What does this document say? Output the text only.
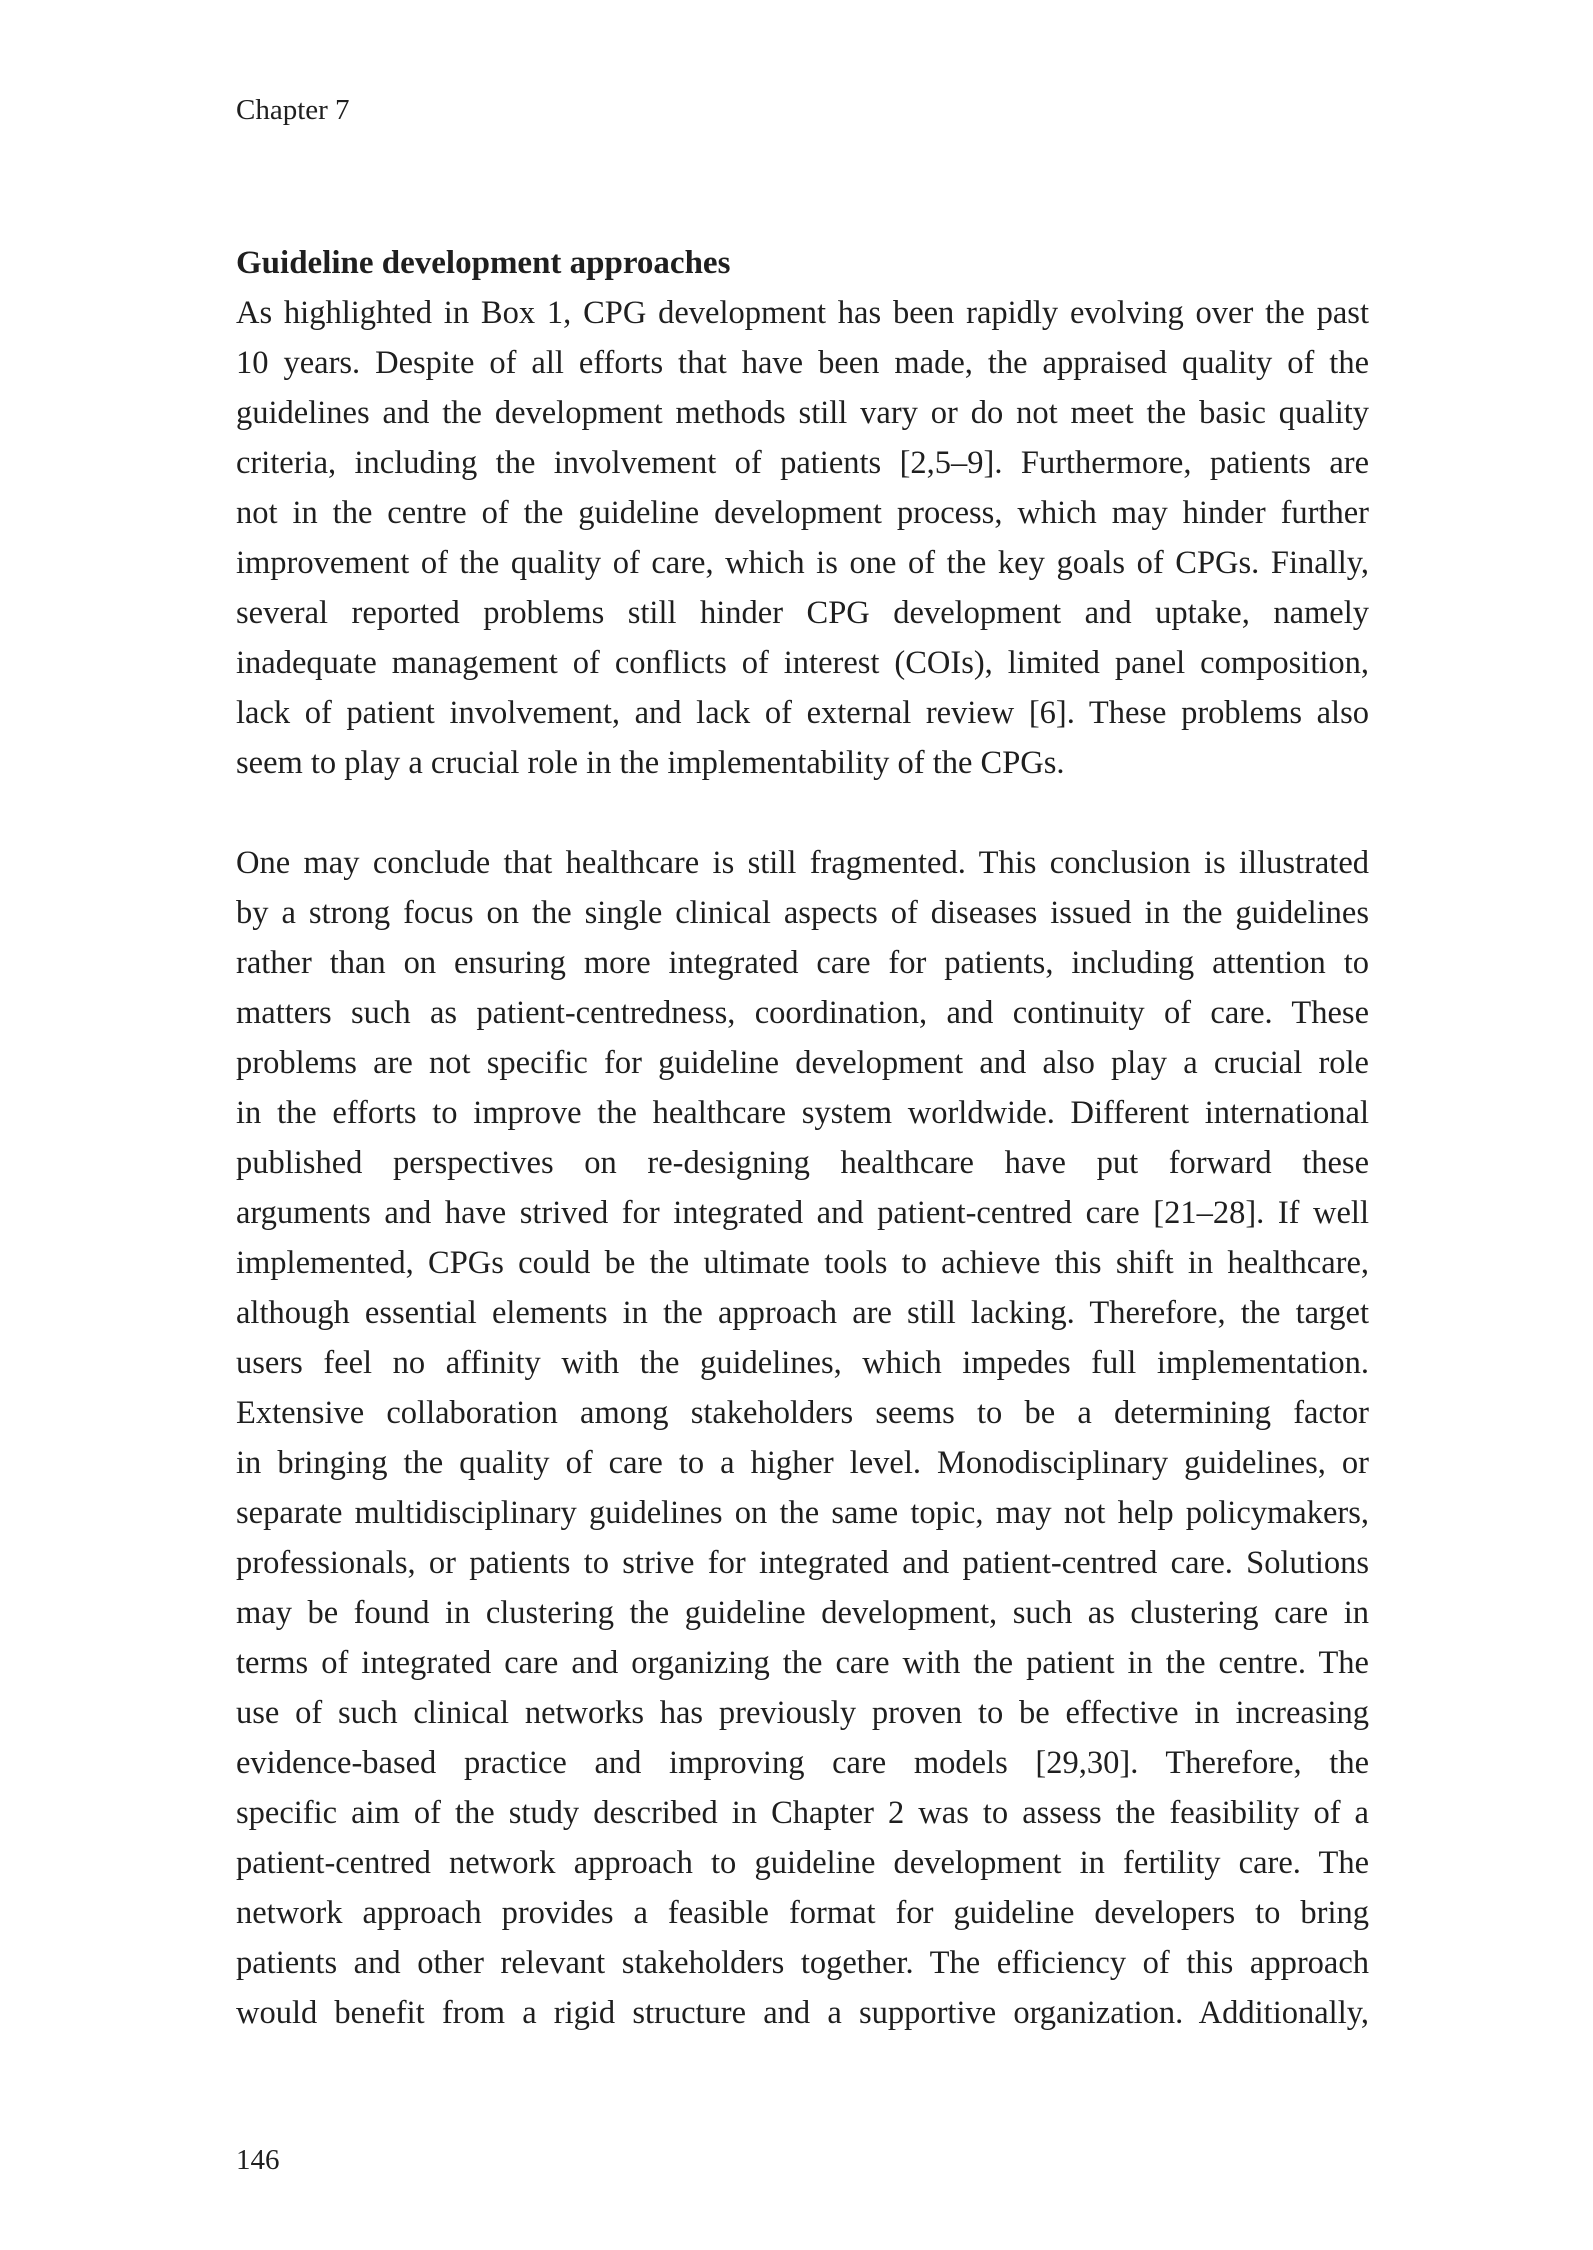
Chapter 7
Guideline development approaches
As highlighted in Box 1, CPG development has been rapidly evolving over the past
10 years. Despite of all efforts that have been made, the appraised quality of the
guidelines and the development methods still vary or do not meet the basic quality
criteria, including the involvement of patients [2,5–9]. Furthermore, patients are
not in the centre of the guideline development process, which may hinder further
improvement of the quality of care, which is one of the key goals of CPGs. Finally,
several reported problems still hinder CPG development and uptake, namely
inadequate management of conflicts of interest (COIs), limited panel composition,
lack of patient involvement, and lack of external review [6]. These problems also
seem to play a crucial role in the implementability of the CPGs.
One may conclude that healthcare is still fragmented. This conclusion is illustrated
by a strong focus on the single clinical aspects of diseases issued in the guidelines
rather than on ensuring more integrated care for patients, including attention to
matters such as patient-centredness, coordination, and continuity of care. These
problems are not specific for guideline development and also play a crucial role
in the efforts to improve the healthcare system worldwide. Different international
published perspectives on re-designing healthcare have put forward these
arguments and have strived for integrated and patient-centred care [21–28]. If well
implemented, CPGs could be the ultimate tools to achieve this shift in healthcare,
although essential elements in the approach are still lacking. Therefore, the target
users feel no affinity with the guidelines, which impedes full implementation.
Extensive collaboration among stakeholders seems to be a determining factor
in bringing the quality of care to a higher level. Monodisciplinary guidelines, or
separate multidisciplinary guidelines on the same topic, may not help policymakers,
professionals, or patients to strive for integrated and patient-centred care. Solutions
may be found in clustering the guideline development, such as clustering care in
terms of integrated care and organizing the care with the patient in the centre. The
use of such clinical networks has previously proven to be effective in increasing
evidence-based practice and improving care models [29,30]. Therefore, the
specific aim of the study described in Chapter 2 was to assess the feasibility of a
patient-centred network approach to guideline development in fertility care. The
network approach provides a feasible format for guideline developers to bring
patients and other relevant stakeholders together. The efficiency of this approach
would benefit from a rigid structure and a supportive organization. Additionally,
146
